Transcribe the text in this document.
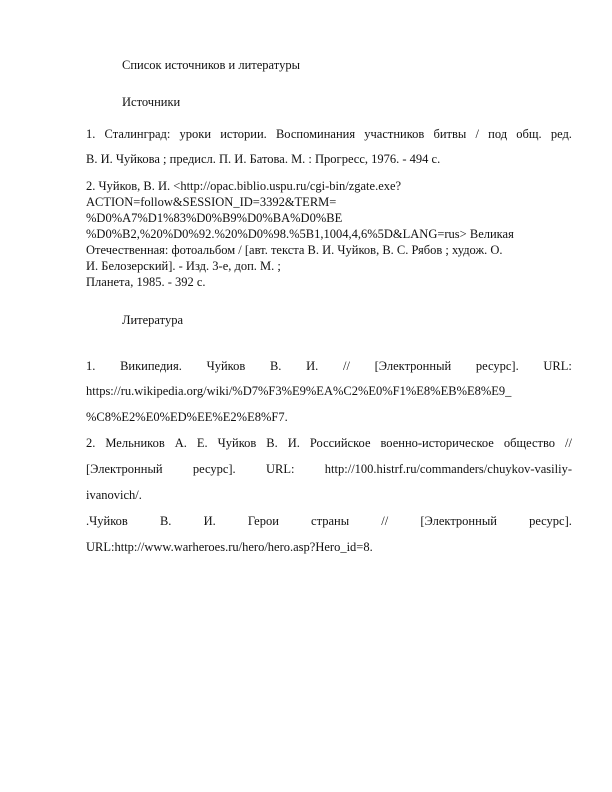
Список источников и литературы

Источники

1. Сталинград: уроки истории. Воспоминания участников битвы / под общ. ред.

В. И. Чуйкова ; предисл. П. И. Батова. М. : Прогресс, 1976. - 494 с.

2. Чуйков, В. И. <http://opac.biblio.uspu.ru/cgi-bin/zgate.exe?

ACTION=follow&SESSION_ID=3392&TERM=

%D0%A7%D1%83%D0%B9%D0%BA%D0%BE

%D0%B2,%20%D0%92.%20%D0%98.%5B1,1004,4,6%5D&LANG=rus> Великая

Отечественная: фотоальбом / [авт. текста В. И. Чуйков, В. С. Рябов ; худож. О.

И. Белозерский]. - Изд. 3-е, доп. М. ;

Планета, 1985. - 392 с.

Литература

1. Википедия. Чуйков В. И. // [Электронный ресурс]. URL:

https://ru.wikipedia.org/wiki/%D7%F3%E9%EA%C2%E0%F1%E8%EB%E8%E9_

%C8%E2%E0%ED%EE%E2%E8%F7.

2. Мельников А. Е. Чуйков В. И. Российское военно-историческое общество //
[Электронный ресурс]. URL: http://100.histrf.ru/commanders/chuykov-vasiliy-

ivanovich/.

.Чуйков	В.	И.	Герои	страны	//	[Электронный	ресурс].

URL:http://www.warheroes.ru/hero/hero.asp?Hero_id=8.
